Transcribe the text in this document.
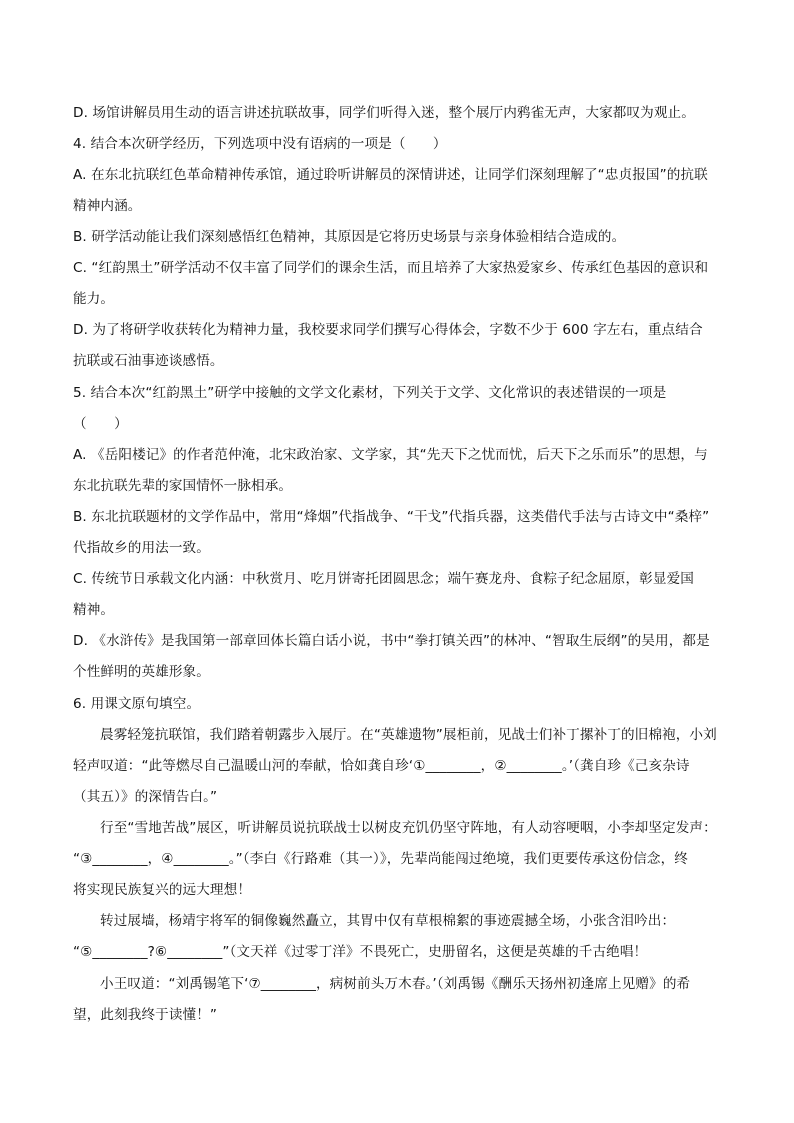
D. 场馆讲解员用生动的语言讲述抗联故事，同学们听得入迷，整个展厅内鸦雀无声，大家都叹为观止。
4. 结合本次研学经历，下列选项中没有语病的一项是（　　）
A. 在东北抗联红色革命精神传承馆，通过聆听讲解员的深情讲述，让同学们深刻理解了“忠贞报国”的抗联
精神内涵。
B. 研学活动能让我们深刻感悟红色精神，其原因是它将历史场景与亲身体验相结合造成的。
C. “红韵黑土”研学活动不仅丰富了同学们的课余生活，而且培养了大家热爱家乡、传承红色基因的意识和
能力。
D. 为了将研学收获转化为精神力量，我校要求同学们撰写心得体会，字数不少于 600 字左右，重点结合
抗联或石油事迹谈感悟。
5. 结合本次“红韵黑土”研学中接触的文学文化素材，下列关于文学、文化常识的表述错误的一项是
（　　）
A. 《岳阳楼记》的作者范仲淹，北宋政治家、文学家，其“先天下之忧而忧，后天下之乐而乐”的思想，与
东北抗联先辈的家国情怀一脉相承。
B. 东北抗联题材的文学作品中，常用“烽烟”代指战争、“干戈”代指兵器，这类借代手法与古诗文中“桑梓”
代指故乡的用法一致。
C. 传统节日承载文化内涵：中秋赏月、吃月饼寄托团圆思念；端午赛龙舟、食粽子纪念屈原，彰显爱国
精神。
D. 《水浒传》是我国第一部章回体长篇白话小说，书中“拳打镇关西”的林冲、“智取生辰纲”的吴用，都是
个性鲜明的英雄形象。
6. 用课文原句填空。
晨雾轻笼抗联馆，我们踏着朝露步入展厅。在“英雄遗物”展柜前，见战士们补丁摞补丁的旧棉袍，小刘
轻声叹道：“此等燃尽自己温暖山河的奉献，恰如龚自珍‘①________，②________。’（龚自珍《己亥杂诗
（其五）》的深情告白。”
行至“雪地苦战”展区，听讲解员说抗联战士以树皮充饥仍坚守阵地，有人动容哽咽，小李却坚定发声：
“③________，④________。”（李白《行路难（其一）》，先辈尚能闯过绝境，我们更要传承这份信念，终
将实现民族复兴的远大理想！
转过展墙，杨靖宇将军的铜像巍然矗立，其胃中仅有草根棉絮的事迹震撼全场，小张含泪吟出：
“⑤________?⑥________”（文天祥《过零丁洋》不畏死亡，史册留名，这便是英雄的千古绝唱！
小王叹道：“刘禹锡笔下‘⑦________，病树前头万木春。’（刘禹锡《酬乐天扬州初逢席上见赠》的希
望，此刻我终于读懂！”
